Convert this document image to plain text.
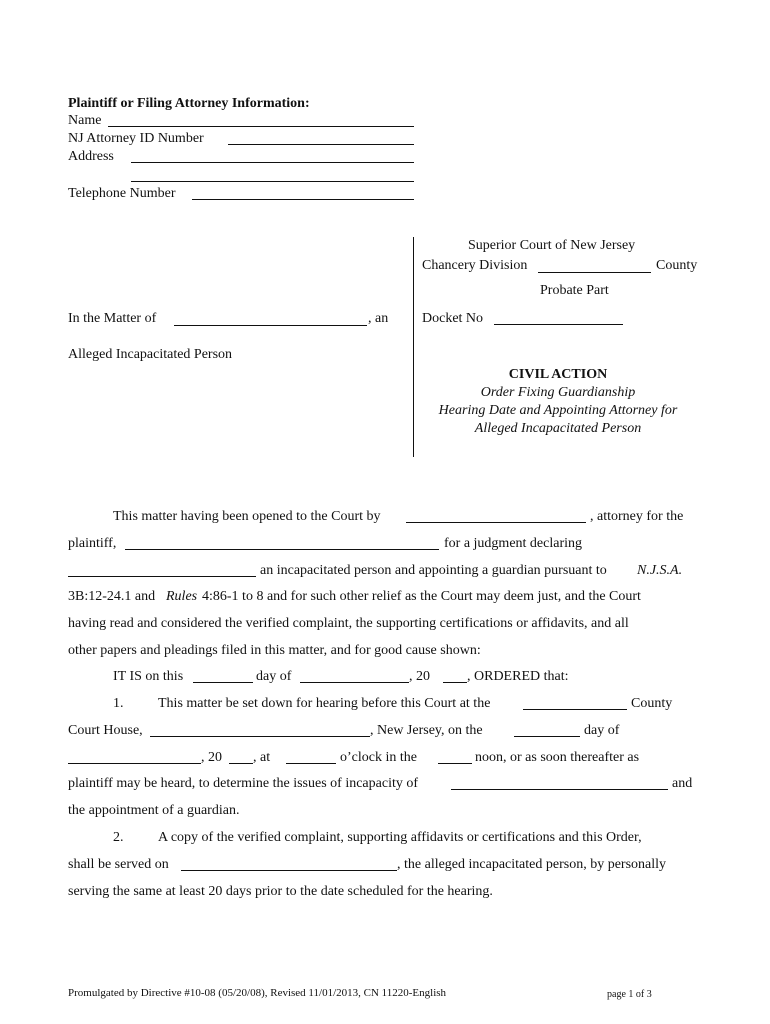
Plaintiff or Filing Attorney Information:
Name
NJ Attorney ID Number
Address
Telephone Number
Superior Court of New Jersey
Chancery Division	County
Probate Part
Docket No
In the Matter of	, an
Alleged Incapacitated Person
CIVIL ACTION
Order Fixing Guardianship
Hearing Date and Appointing Attorney for
Alleged Incapacitated Person
This matter having been opened to the Court by	, attorney for the
plaintiff,	for a judgment declaring
an incapacitated person and appointing a guardian pursuant to N.J.S.A.
3B:12-24.1 and Rules 4:86-1 to 8 and for such other relief as the Court may deem just, and the Court
having read and considered the verified complaint, the supporting certifications or affidavits, and all
other papers and pleadings filed in this matter, and for good cause shown:
IT IS on this	day of	, 20	, ORDERED that:
1. This matter be set down for hearing before this Court at the	County
Court House,	, New Jersey, on the	day of
, 20 , at	o’clock in the	noon, or as soon thereafter as
plaintiff may be heard, to determine the issues of incapacity of	and
the appointment of a guardian.
2. A copy of the verified complaint, supporting affidavits or certifications and this Order,
shall be served on	, the alleged incapacitated person, by personally
serving the same at least 20 days prior to the date scheduled for the hearing.
Promulgated by Directive #10-08 (05/20/08), Revised 11/01/2013, CN 11220-English	page 1 of 3
